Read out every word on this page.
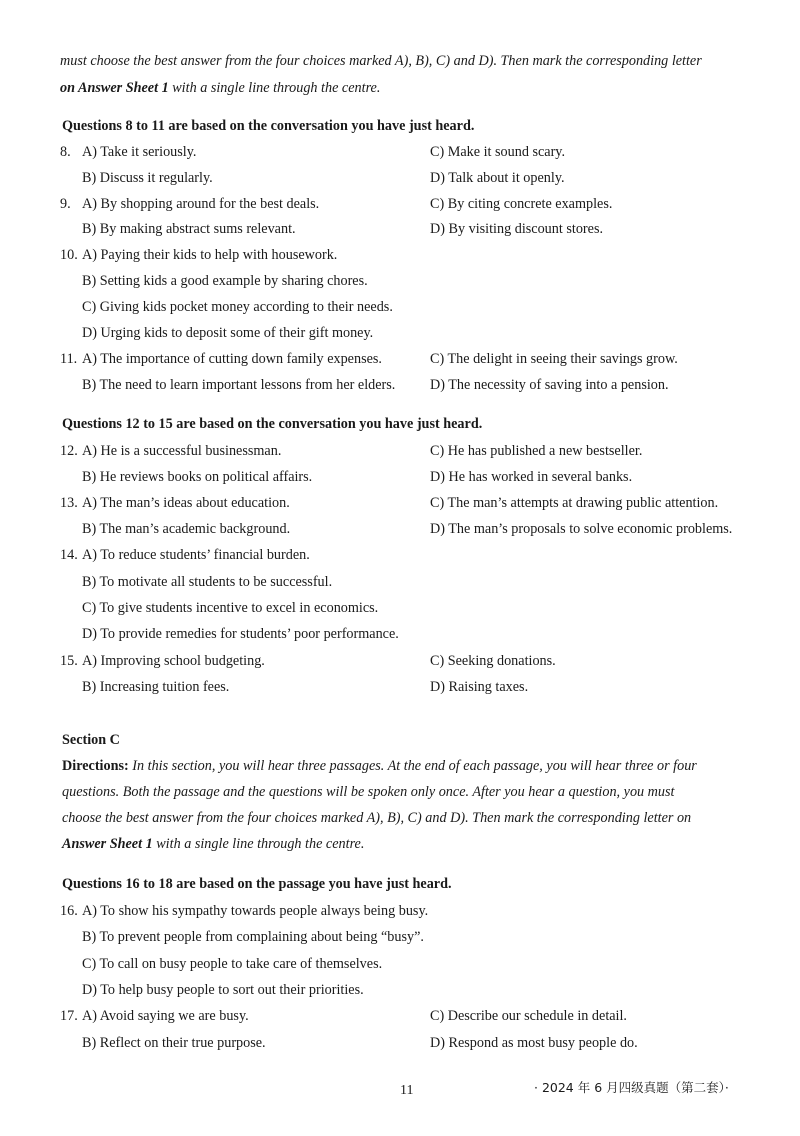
must choose the best answer from the four choices marked A), B), C) and D). Then mark the corresponding letter
on Answer Sheet 1 with a single line through the centre.
Questions 8 to 11 are based on the conversation you have just heard.
8. A) Take it seriously.	C) Make it sound scary.
B) Discuss it regularly.	D) Talk about it openly.
9. A) By shopping around for the best deals.	C) By citing concrete examples.
B) By making abstract sums relevant.	D) By visiting discount stores.
10. A) Paying their kids to help with housework.
B) Setting kids a good example by sharing chores.
C) Giving kids pocket money according to their needs.
D) Urging kids to deposit some of their gift money.
11. A) The importance of cutting down family expenses.	C) The delight in seeing their savings grow.
B) The need to learn important lessons from her elders. D) The necessity of saving into a pension.
Questions 12 to 15 are based on the conversation you have just heard.
12. A) He is a successful businessman.	C) He has published a new bestseller.
B) He reviews books on political affairs.	D) He has worked in several banks.
13. A) The man’s ideas about education.	C) The man’s attempts at drawing public attention.
B) The man’s academic background.	D) The man’s proposals to solve economic problems.
14. A) To reduce students’ financial burden.
B) To motivate all students to be successful.
C) To give students incentive to excel in economics.
D) To provide remedies for students’ poor performance.
15. A) Improving school budgeting.	C) Seeking donations.
B) Increasing tuition fees.	D) Raising taxes.
Section C
Directions: In this section, you will hear three passages. At the end of each passage, you will hear three or four
questions. Both the passage and the questions will be spoken only once. After you hear a question, you must
choose the best answer from the four choices marked A), B), C) and D). Then mark the corresponding letter on
Answer Sheet 1 with a single line through the centre.
Questions 16 to 18 are based on the passage you have just heard.
16. A) To show his sympathy towards people always being busy.
B) To prevent people from complaining about being “busy”.
C) To call on busy people to take care of themselves.
D) To help busy people to sort out their priorities.
17. A) Avoid saying we are busy.	C) Describe our schedule in detail.
B) Reflect on their true purpose.	D) Respond as most busy people do.
11	· 2024 年 6 月四级真题（第二套）·
